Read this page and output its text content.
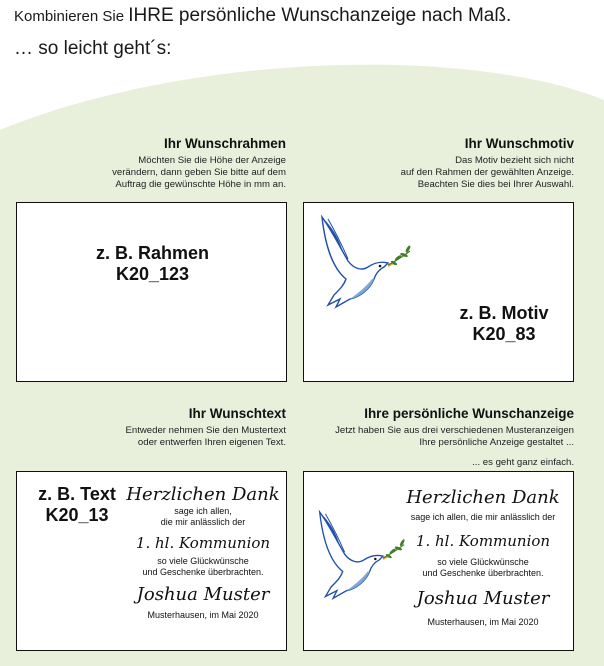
Kombinieren Sie IHRE persönliche Wunschanzeige nach Maß.
… so leicht geht´s:
Ihr Wunschrahmen

Möchten Sie die Höhe der Anzeige

verändern, dann geben Sie bitte auf dem

Auftrag die gewünschte Höhe in mm an.

z. B. Rahmen
K20_123
Ihr Wunschmotiv

Das Motiv bezieht sich nicht

auf den Rahmen der gewählten Anzeige.

Beachten Sie dies bei Ihrer Auswahl.

z. B. Motiv
K20_83
Ihr Wunschtext

Entweder nehmen Sie den Mustertext

oder entwerfen Ihren eigenen Text.

z. B. Text
K20_13
Herzlichen Dank
sage ich allen,
die mir anlässlich der
1. hl. Kommunion
so viele Glückwünsche
und Geschenke überbrachten.
Joshua Muster
Musterhausen, im Mai 2020
Ihre persönliche Wunschanzeige

Jetzt haben Sie aus drei verschiedenen Musteranzeigen

Ihre persönliche Anzeige gestaltet ...

... es geht ganz einfach.

Herzlichen Dank
sage ich allen, die mir anlässlich der
1. hl. Kommunion
so viele Glückwünsche
und Geschenke überbrachten.
Joshua Muster
Musterhausen, im Mai 2020
